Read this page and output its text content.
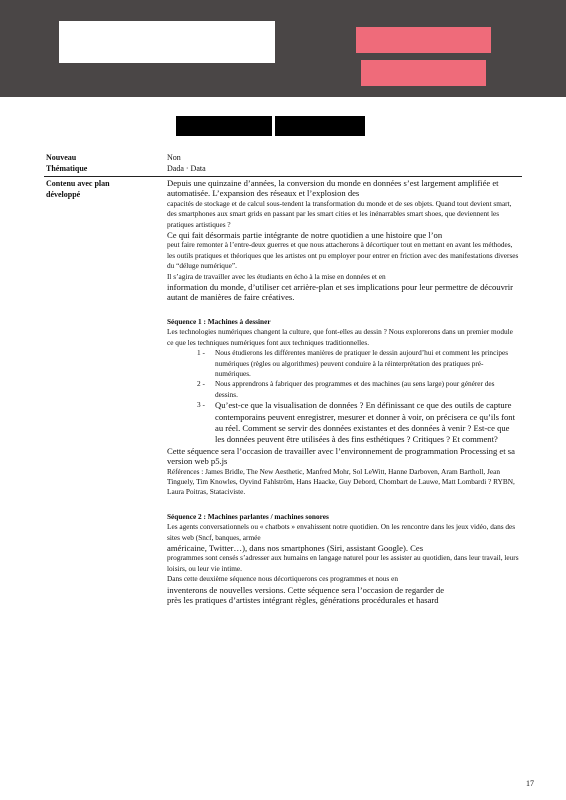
Nouveau
Thématique
Non
Dada · Data
Contenu avec plan
développé

Depuis une quinzaine d’années, la conversion du monde en données s’est largement amplifiée et automatisée. L’expansion des réseaux et l’explosion des

capacités de stockage et de calcul sous-tendent la transformation du monde et de ses objets. Quand tout devient smart, des smartphones aux smart grids en passant par les smart cities et les inénarrables smart shoes, que deviennent les pratiques artistiques ?

Ce qui fait désormais partie intégrante de notre quotidien a une histoire que l’on

peut faire remonter à l’entre-deux guerres et que nous attacherons à décortiquer tout en mettant en avant les méthodes, les outils pratiques et théoriques que les artistes ont pu employer pour entrer en friction avec des manifestations diverses du “déluge numérique”.

Il s’agira de travailler avec les étudiants en écho à la mise en données et en

information du monde, d’utiliser cet arrière-plan et ses implications pour leur permettre de découvrir autant de manières de faire créatives.

Séquence 1 : Machines à dessiner

Les technologies numériques changent la culture, que font-elles au dessin ? Nous explorerons dans un premier module ce que les techniques numériques font aux techniques traditionnelles.

1 - Nous étudierons les différentes manières de pratiquer le dessin aujourd’hui et comment les principes numériques (règles ou algorithmes) peuvent conduire à la réinterprétation des pratiques pré-numériques.
2 - Nous apprendrons à fabriquer des programmes et des machines (au sens large) pour générer des dessins.
3 - Qu’est-ce que la visualisation de données ? En définissant ce que des outils de capture contemporains peuvent enregistrer, mesurer et donner à voir, on précisera ce qu’ils font au réel. Comment se servir des données existantes et des données à venir ? Est-ce que les données peuvent être utilisées à des fins esthétiques ? Critiques ? Et comment?

Cette séquence sera l’occasion de travailler avec l’environnement de programmation Processing et sa version web p5.js

Références : James Bridle, The New Aesthetic, Manfred Mohr, Sol LeWitt, Hanne Darboven, Aram Bartholl, Jean Tinguely, Tim Knowles, Oyvind Fahlström, Hans Haacke, Guy Debord, Chombart de Lauwe, Matt Lombardi ? RYBN, Laura Poitras, Stataciviste.

Séquence 2 : Machines parlantes / machines sonores

Les agents conversationnels ou « chatbots » envahissent notre quotidien. On les rencontre dans les jeux vidéo, dans des sites web (Sncf, banques, armée

américaine, Twitter…), dans nos smartphones (Siri, assistant Google). Ces

programmes sont censés s’adresser aux humains en langage naturel pour les assister au quotidien, dans leur travail, leurs loisirs, ou leur vie intime.

Dans cette deuxième séquence nous décortiquerons ces programmes et nous en

inventerons de nouvelles versions. Cette séquence sera l’occasion de regarder de

près les pratiques d’artistes intégrant règles, générations procédurales et hasard

17
